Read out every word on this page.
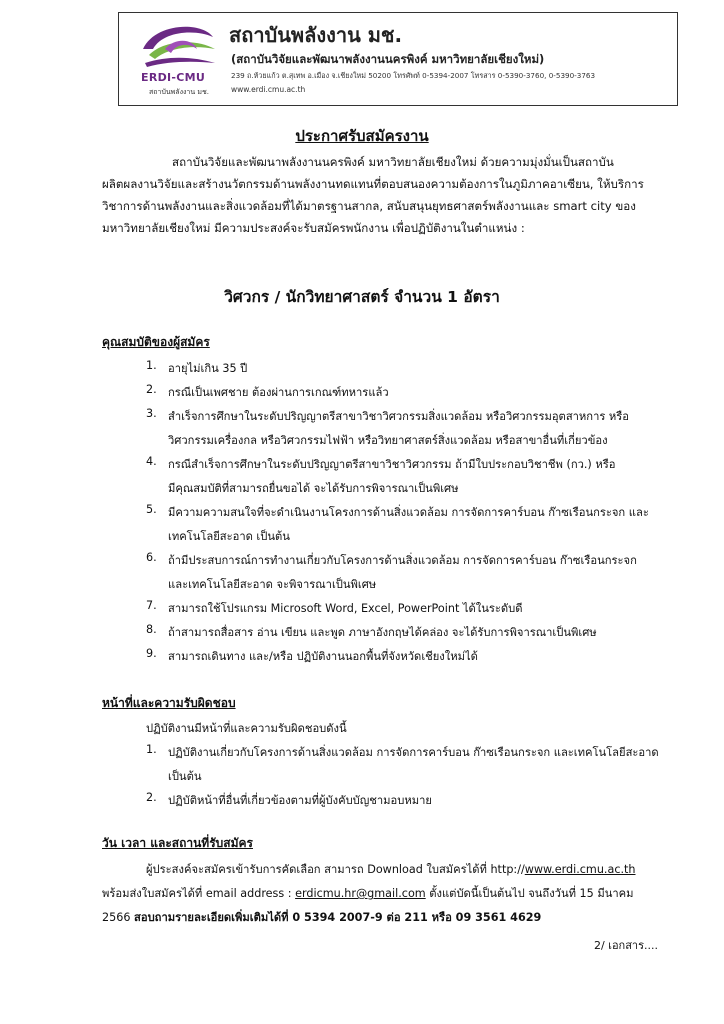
ERDI-CMU
สถาบันพลังงาน มช.
สถาบันพลังงาน มช.
(สถาบันวิจัยและพัฒนาพลังงานนครพิงค์ มหาวิทยาลัยเชียงใหม่)
239 ถ.ห้วยแก้ว ต.สุเทพ อ.เมือง จ.เชียงใหม่ 50200 โทรศัพท์ 0-5394-2007 โทรสาร 0-5390-3760, 0-5390-3763
www.erdi.cmu.ac.th
ประกาศรับสมัครงาน
สถาบันวิจัยและพัฒนาพลังงานนครพิงค์ มหาวิทยาลัยเชียงใหม่ ด้วยความมุ่งมั่นเป็นสถาบัน
ผลิตผลงานวิจัยและสร้างนวัตกรรมด้านพลังงานทดแทนที่ตอบสนองความต้องการในภูมิภาคอาเซียน, ให้บริการ
วิชาการด้านพลังงานและสิ่งแวดล้อมที่ได้มาตรฐานสากล, สนับสนุนยุทธศาสตร์พลังงานและ smart city ของ
มหาวิทยาลัยเชียงใหม่ มีความประสงค์จะรับสมัครพนักงาน เพื่อปฏิบัติงานในตำแหน่ง :
วิศวกร / นักวิทยาศาสตร์ จำนวน 1 อัตรา
คุณสมบัติของผู้สมัคร
1. อายุไม่เกิน 35 ปี
2. กรณีเป็นเพศชาย ต้องผ่านการเกณฑ์ทหารแล้ว
3. สำเร็จการศึกษาในระดับปริญญาตรีสาขาวิชาวิศวกรรมสิ่งแวดล้อม หรือวิศวกรรมอุตสาหการ หรือ
วิศวกรรมเครื่องกล หรือวิศวกรรมไฟฟ้า หรือวิทยาศาสตร์สิ่งแวดล้อม หรือสาขาอื่นที่เกี่ยวข้อง
4. กรณีสำเร็จการศึกษาในระดับปริญญาตรีสาขาวิชาวิศวกรรม ถ้ามีใบประกอบวิชาชีพ (กว.) หรือ
มีคุณสมบัติที่สามารถยื่นขอได้ จะได้รับการพิจารณาเป็นพิเศษ
5. มีความความสนใจที่จะดำเนินงานโครงการด้านสิ่งแวดล้อม การจัดการคาร์บอน ก๊าซเรือนกระจก และ
เทคโนโลยีสะอาด เป็นต้น
6. ถ้ามีประสบการณ์การทำงานเกี่ยวกับโครงการด้านสิ่งแวดล้อม การจัดการคาร์บอน ก๊าซเรือนกระจก
และเทคโนโลยีสะอาด จะพิจารณาเป็นพิเศษ
7. สามารถใช้โปรแกรม Microsoft Word, Excel, PowerPoint ได้ในระดับดี
8. ถ้าสามารถสื่อสาร อ่าน เขียน และพูด ภาษาอังกฤษได้คล่อง จะได้รับการพิจารณาเป็นพิเศษ
9. สามารถเดินทาง และ/หรือ ปฏิบัติงานนอกพื้นที่จังหวัดเชียงใหม่ได้
หน้าที่และความรับผิดชอบ
ปฏิบัติงานมีหน้าที่และความรับผิดชอบดังนี้
1. ปฏิบัติงานเกี่ยวกับโครงการด้านสิ่งแวดล้อม การจัดการคาร์บอน ก๊าซเรือนกระจก และเทคโนโลยีสะอาด
เป็นต้น
2. ปฏิบัติหน้าที่อื่นที่เกี่ยวข้องตามที่ผู้บังคับบัญชามอบหมาย
วัน เวลา และสถานที่รับสมัคร
ผู้ประสงค์จะสมัครเข้ารับการคัดเลือก สามารถ Download ใบสมัครได้ที่ http://www.erdi.cmu.ac.th
พร้อมส่งใบสมัครได้ที่ email address : erdicmu.hr@gmail.com ตั้งแต่บัดนี้เป็นต้นไป จนถึงวันที่ 15 มีนาคม
2566 สอบถามรายละเอียดเพิ่มเติมได้ที่ 0 5394 2007-9 ต่อ 211 หรือ 09 3561 4629
2/ เอกสาร....
